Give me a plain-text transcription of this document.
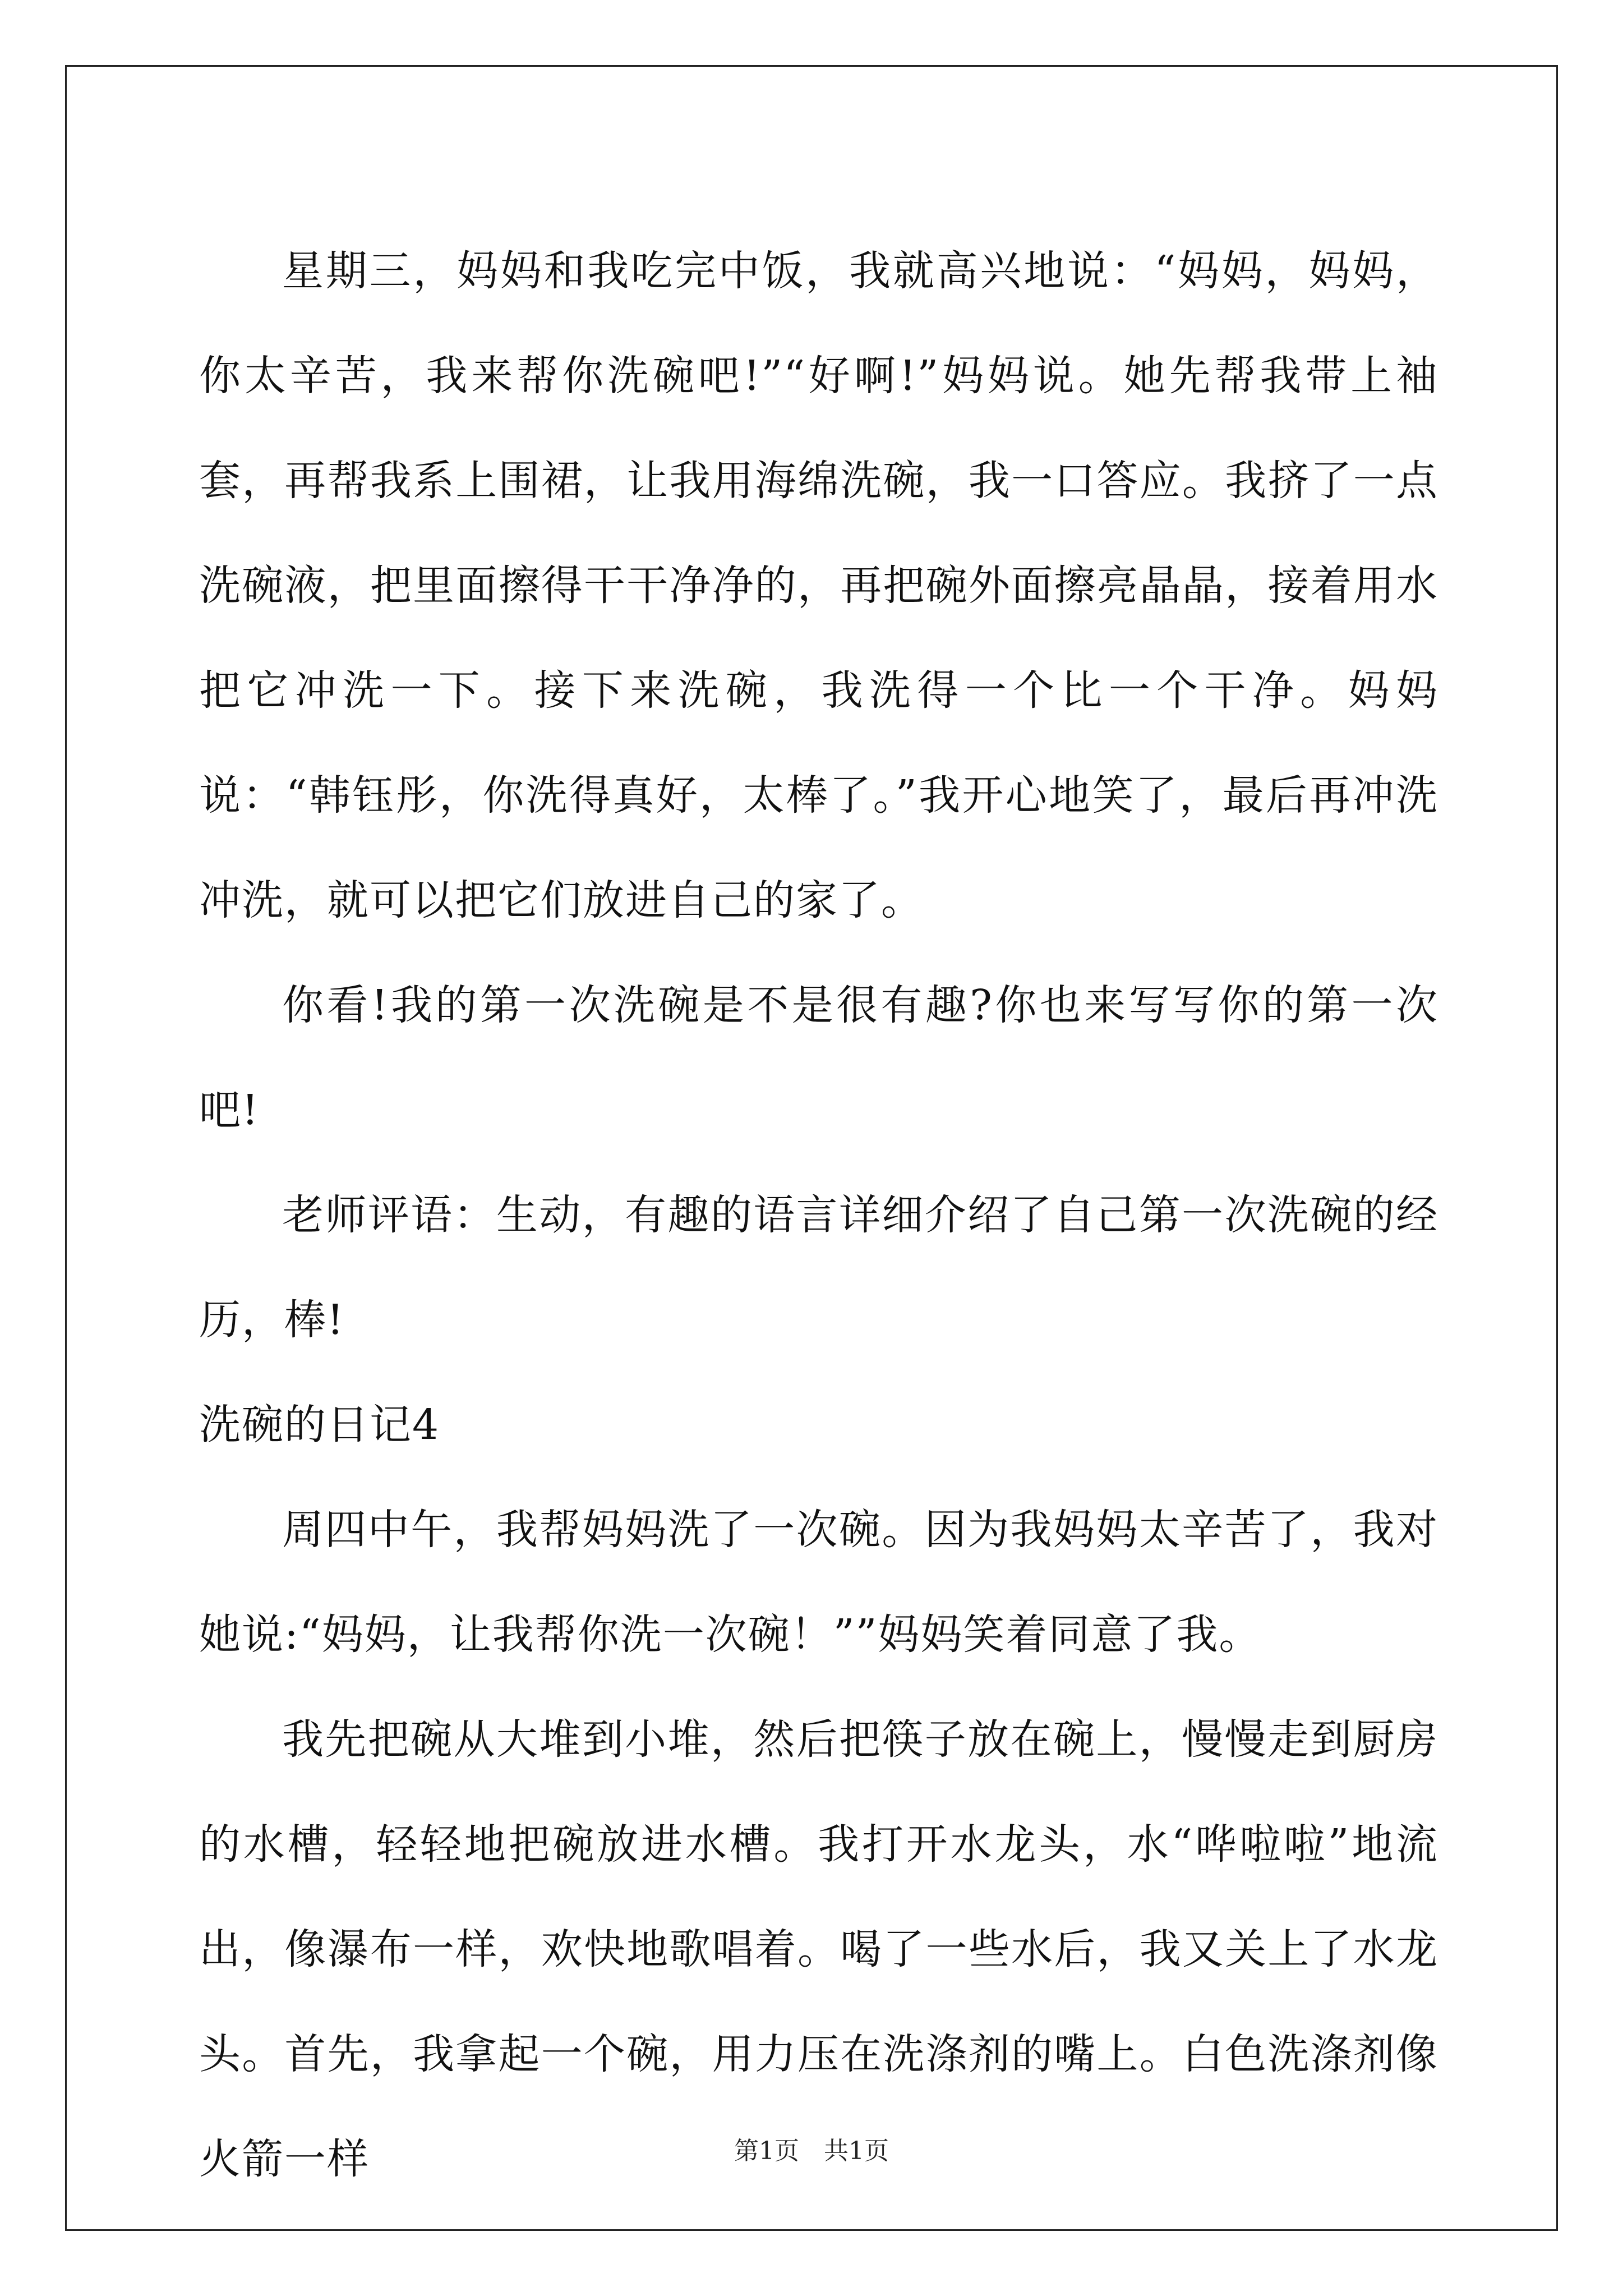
星期三，妈妈和我吃完中饭，我就高兴地说：“妈妈，妈妈，你太辛苦，我来帮你洗碗吧!”“好啊!”妈妈说。她先帮我带上袖套，再帮我系上围裙，让我用海绵洗碗，我一口答应。我挤了一点洗碗液，把里面擦得干干净净的，再把碗外面擦亮晶晶，接着用水把它冲洗一下。接下来洗碗，我洗得一个比一个干净。妈妈说：“韩钰彤，你洗得真好，太棒了。”我开心地笑了，最后再冲洗冲洗，就可以把它们放进自己的家了。

你看!我的第一次洗碗是不是很有趣?你也来写写你的第一次吧!

老师评语：生动，有趣的语言详细介绍了自己第一次洗碗的经历，棒!

洗碗的日记4

周四中午，我帮妈妈洗了一次碗。因为我妈妈太辛苦了，我对她说:“妈妈，让我帮你洗一次碗！””妈妈笑着同意了我。

我先把碗从大堆到小堆，然后把筷子放在碗上，慢慢走到厨房的水槽，轻轻地把碗放进水槽。我打开水龙头，水“哗啦啦”地流出，像瀑布一样，欢快地歌唱着。喝了一些水后，我又关上了水龙头。首先，我拿起一个碗，用力压在洗涤剂的嘴上。白色洗涤剂像火箭一样	第1页　共1页
